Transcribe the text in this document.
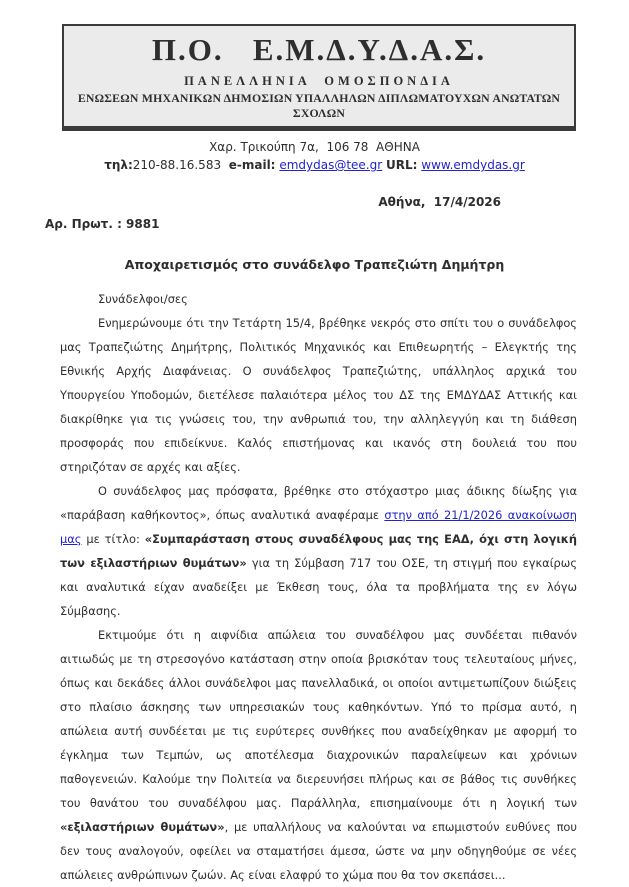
Π.Ο.   Ε.Μ.Δ.Υ.Δ.Α.Σ.
ΠΑΝΕΛΛΗΝΙΑ  ΟΜΟΣΠΟΝΔΙΑ
ΕΝΩΣΕΩΝ ΜΗΧΑΝΙΚΩΝ ΔΗΜΟΣΙΩΝ ΥΠΑΛΛΗΛΩΝ ΔΙΠΛΩΜΑΤΟΥΧΩΝ ΑΝΩΤΑΤΩΝ ΣΧΟΛΩΝ
Χαρ. Τρικούπη 7α,  106 78  ΑΘΗΝΑ
τηλ:210-88.16.583 e-mail: emdydas@tee.gr URL: www.emdydas.gr
Αθήνα,  17/4/2026
Αρ. Πρωτ. : 9881
Αποχαιρετισμός στο συνάδελφο Τραπεζιώτη Δημήτρη
Συνάδελφοι/σες

Ενημερώνουμε ότι την Τετάρτη 15/4, βρέθηκε νεκρός στο σπίτι του ο συνάδελφος μας Τραπεζιώτης Δημήτρης, Πολιτικός Μηχανικός και Επιθεωρητής – Ελεγκτής της Εθνικής Αρχής Διαφάνειας. Ο συνάδελφος Τραπεζιώτης, υπάλληλος αρχικά του Υπουργείου Υποδομών, διετέλεσε παλαιότερα μέλος του ΔΣ της ΕΜΔΥΔΑΣ Αττικής και διακρίθηκε για τις γνώσεις του, την ανθρωπιά του, την αλληλεγγύη και τη διάθεση προσφοράς που επιδείκνυε. Καλός επιστήμονας και ικανός στη δουλειά του που στηριζόταν σε αρχές και αξίες.

Ο συνάδελφος μας πρόσφατα, βρέθηκε στο στόχαστρο μιας άδικης δίωξης για «παράβαση καθήκοντος», όπως αναλυτικά αναφέραμε στην από 21/1/2026 ανακοίνωση μας με τίτλο: «Συμπαράσταση στους συναδέλφους μας της ΕΑΔ, όχι στη λογική των εξιλαστήριων θυμάτων» για τη Σύμβαση 717 του ΟΣΕ, τη στιγμή που εγκαίρως και αναλυτικά είχαν αναδείξει με Έκθεση τους, όλα τα προβλήματα της εν λόγω Σύμβασης.

Εκτιμούμε ότι η αιφνίδια απώλεια του συναδέλφου μας συνδέεται πιθανόν αιτιωδώς με τη στρεσογόνο κατάσταση στην οποία βρισκόταν τους τελευταίους μήνες, όπως και δεκάδες άλλοι συνάδελφοι μας πανελλαδικά, οι οποίοι αντιμετωπίζουν διώξεις στο πλαίσιο άσκησης των υπηρεσιακών τους καθηκόντων. Υπό το πρίσμα αυτό, η απώλεια αυτή συνδέεται με τις ευρύτερες συνθήκες που αναδείχθηκαν με αφορμή το έγκλημα των Τεμπών, ως αποτέλεσμα διαχρονικών παραλείψεων και χρόνιων παθογενειών. Καλούμε την Πολιτεία να διερευνήσει πλήρως και σε βάθος τις συνθήκες του θανάτου του συναδέλφου μας. Παράλληλα, επισημαίνουμε ότι η λογική των «εξιλαστήριων θυμάτων», με υπαλλήλους να καλούνται να επωμιστούν ευθύνες που δεν τους αναλογούν, οφείλει να σταματήσει άμεσα, ώστε να μην οδηγηθούμε σε νέες απώλειες ανθρώπινων ζωών. Ας είναι ελαφρύ το χώμα που θα τον σκεπάσει...
